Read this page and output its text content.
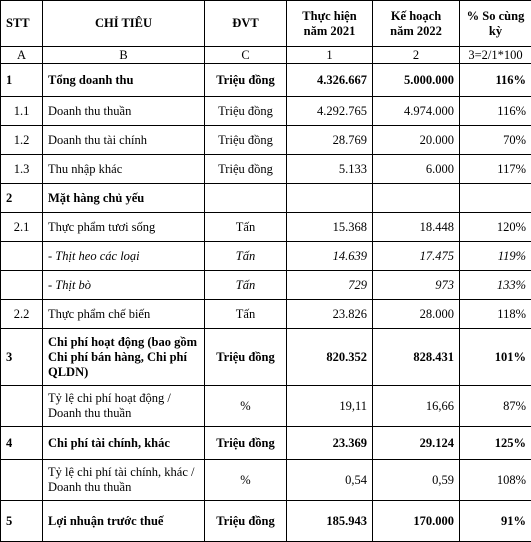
STT	CHỈ TIÊU	ĐVT	Thực hiện năm 2021	Kế hoạch năm 2022	% So cùng kỳ
A	B	C	1	2	3=2/1*100
1	Tổng doanh thu	Triệu đồng	4.326.667	5.000.000	116%
1.1	Doanh thu thuần	Triệu đồng	4.292.765	4.974.000	116%
1.2	Doanh thu tài chính	Triệu đồng	28.769	20.000	70%
1.3	Thu nhập khác	Triệu đồng	5.133	6.000	117%
2	Mặt hàng chủ yếu				
2.1	Thực phẩm tươi sống	Tấn	15.368	18.448	120%
	- Thịt heo các loại	Tấn	14.639	17.475	119%
	- Thịt bò	Tấn	729	973	133%
2.2	Thực phẩm chế biến	Tấn	23.826	28.000	118%
3	Chi phí hoạt động (bao gồm Chi phí bán hàng, Chi phí QLDN)	Triệu đồng	820.352	828.431	101%
	Tỷ lệ chi phí hoạt động / Doanh thu thuần	%	19,11	16,66	87%
4	Chi phí tài chính, khác	Triệu đồng	23.369	29.124	125%
	Tỷ lệ chi phí tài chính, khác / Doanh thu thuần	%	0,54	0,59	108%
5	Lợi nhuận trước thuế	Triệu đồng	185.943	170.000	91%
